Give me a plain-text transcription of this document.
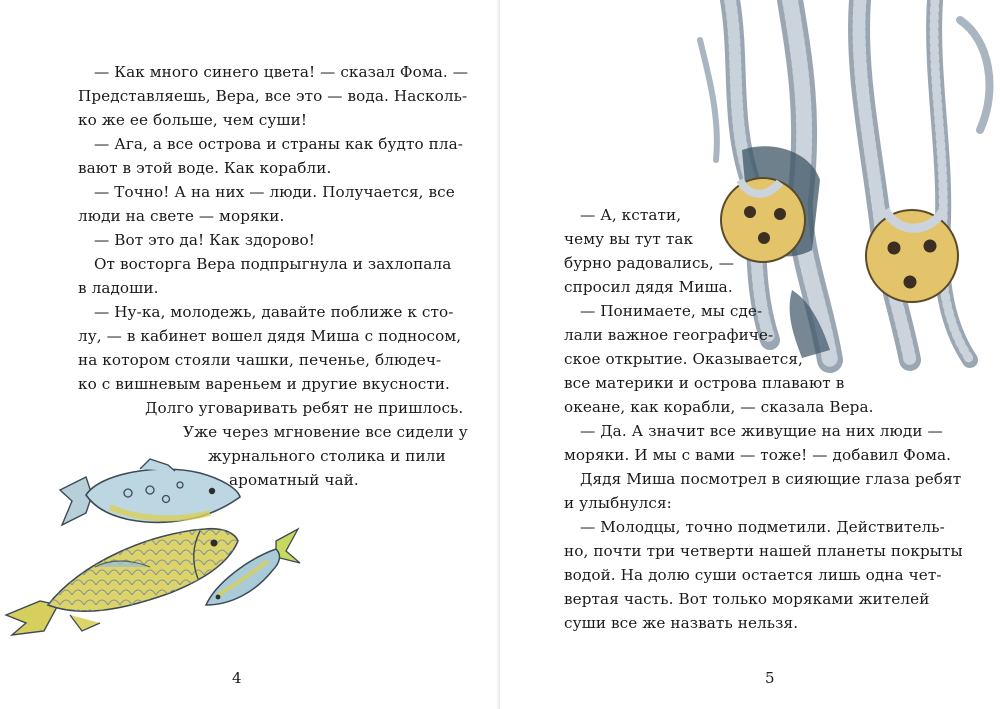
— Как много синего цвета! — сказал Фома. —

Представляешь, Вера, все это — вода. Насколь-

ко же ее больше, чем суши!

— Ага, а все острова и страны как будто пла-

вают в этой воде. Как корабли.

— Точно! А на них — люди. Получается, все

люди на свете — моряки.

— Вот это да! Как здорово!

От восторга Вера подпрыгнула и захлопала

в ладоши.

— Ну-ка, молодежь, давайте поближе к сто-

лу, — в кабинет вошел дядя Миша с подносом,

на котором стояли чашки, печенье, блюдеч-

ко с вишневым вареньем и другие вкусности.

Долго уговаривать ребят не пришлось.

Уже через мгновение все сидели у

журнального столика и пили

ароматный чай.

4

— А, кстати,

чему вы тут так

бурно радовались, —

спросил дядя Миша.

— Понимаете, мы сде-

лали важное географиче-

ское открытие. Оказывается,

все материки и острова плавают в

океане, как корабли, — сказала Вера.

— Да. А значит все живущие на них люди —

моряки. И мы с вами — тоже! — добавил Фома.

Дядя Миша посмотрел в сияющие глаза ребят

и улыбнулся:

— Молодцы, точно подметили. Действитель-

но, почти три четверти нашей планеты покрыты

водой. На долю суши остается лишь одна чет-

вертая часть. Вот только моряками жителей

суши все же назвать нельзя.

5
